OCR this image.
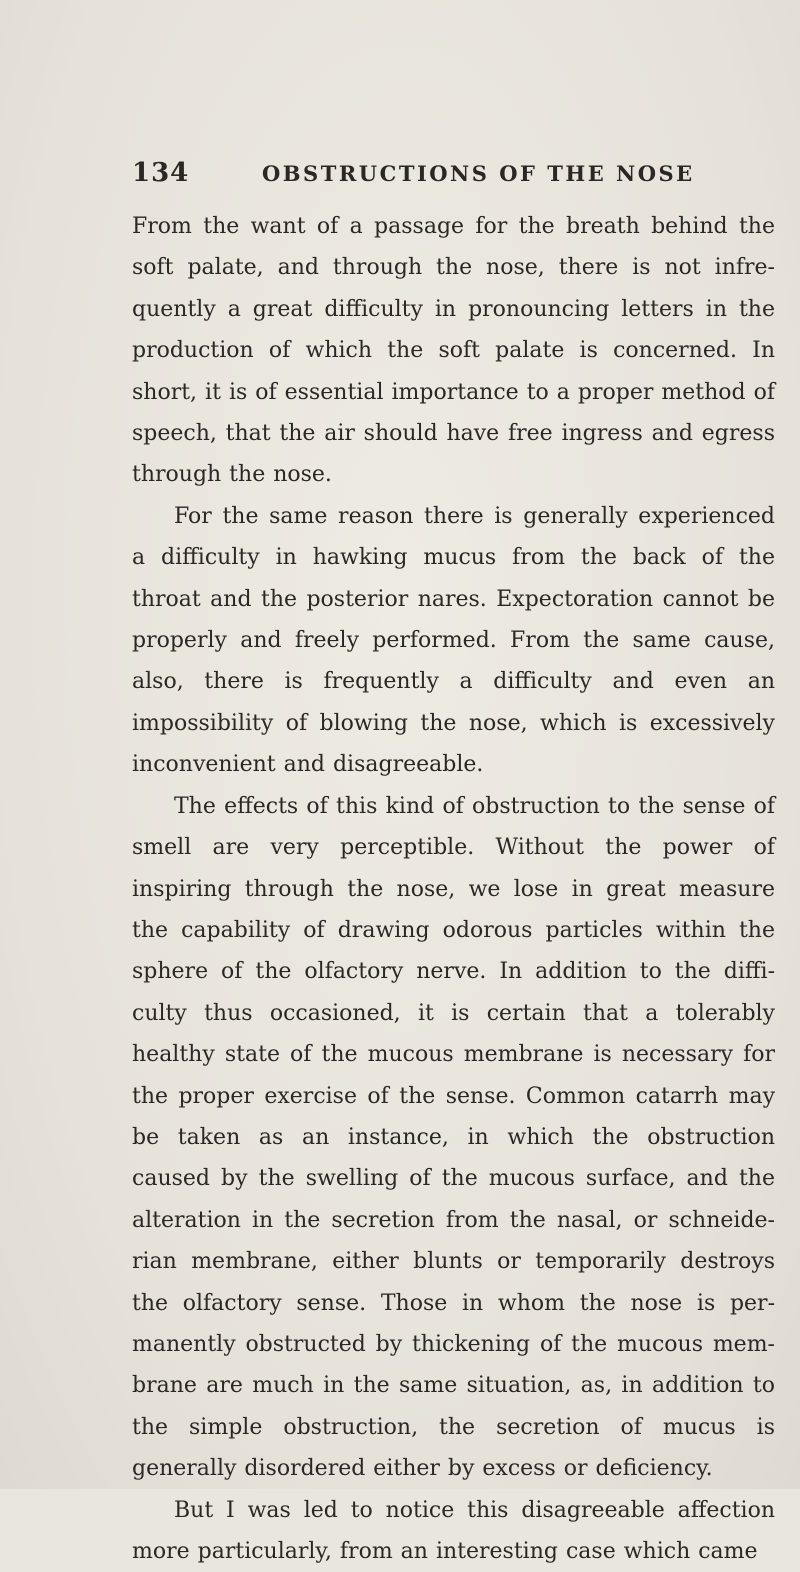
134	OBSTRUCTIONS OF THE NOSE

From the want of a passage for the breath behind the soft palate, and through the nose, there is not infre- quently a great difficulty in pronouncing letters in the production of which the soft palate is concerned. In short, it is of essential importance to a proper method of speech, that the air should have free ingress and egress through the nose.

For the same reason there is generally experienced a difficulty in hawking mucus from the back of the throat and the posterior nares. Expectoration cannot be properly and freely performed. From the same cause, also, there is frequently a difficulty and even an impossibility of blowing the nose, which is excessively inconvenient and disagreeable.

The effects of this kind of obstruction to the sense of smell are very perceptible. Without the power of inspiring through the nose, we lose in great measure the capability of drawing odorous particles within the sphere of the olfactory nerve. In addition to the diffi- culty thus occasioned, it is certain that a tolerably healthy state of the mucous membrane is necessary for the proper exercise of the sense. Common catarrh may be taken as an instance, in which the obstruction caused by the swelling of the mucous surface, and the alteration in the secretion from the nasal, or schneide- rian membrane, either blunts or temporarily destroys the olfactory sense. Those in whom the nose is per- manently obstructed by thickening of the mucous mem- brane are much in the same situation, as, in addition to the simple obstruction, the secretion of mucus is generally disordered either by excess or deficiency.

But I was led to notice this disagreeable affection more particularly, from an interesting case which came
